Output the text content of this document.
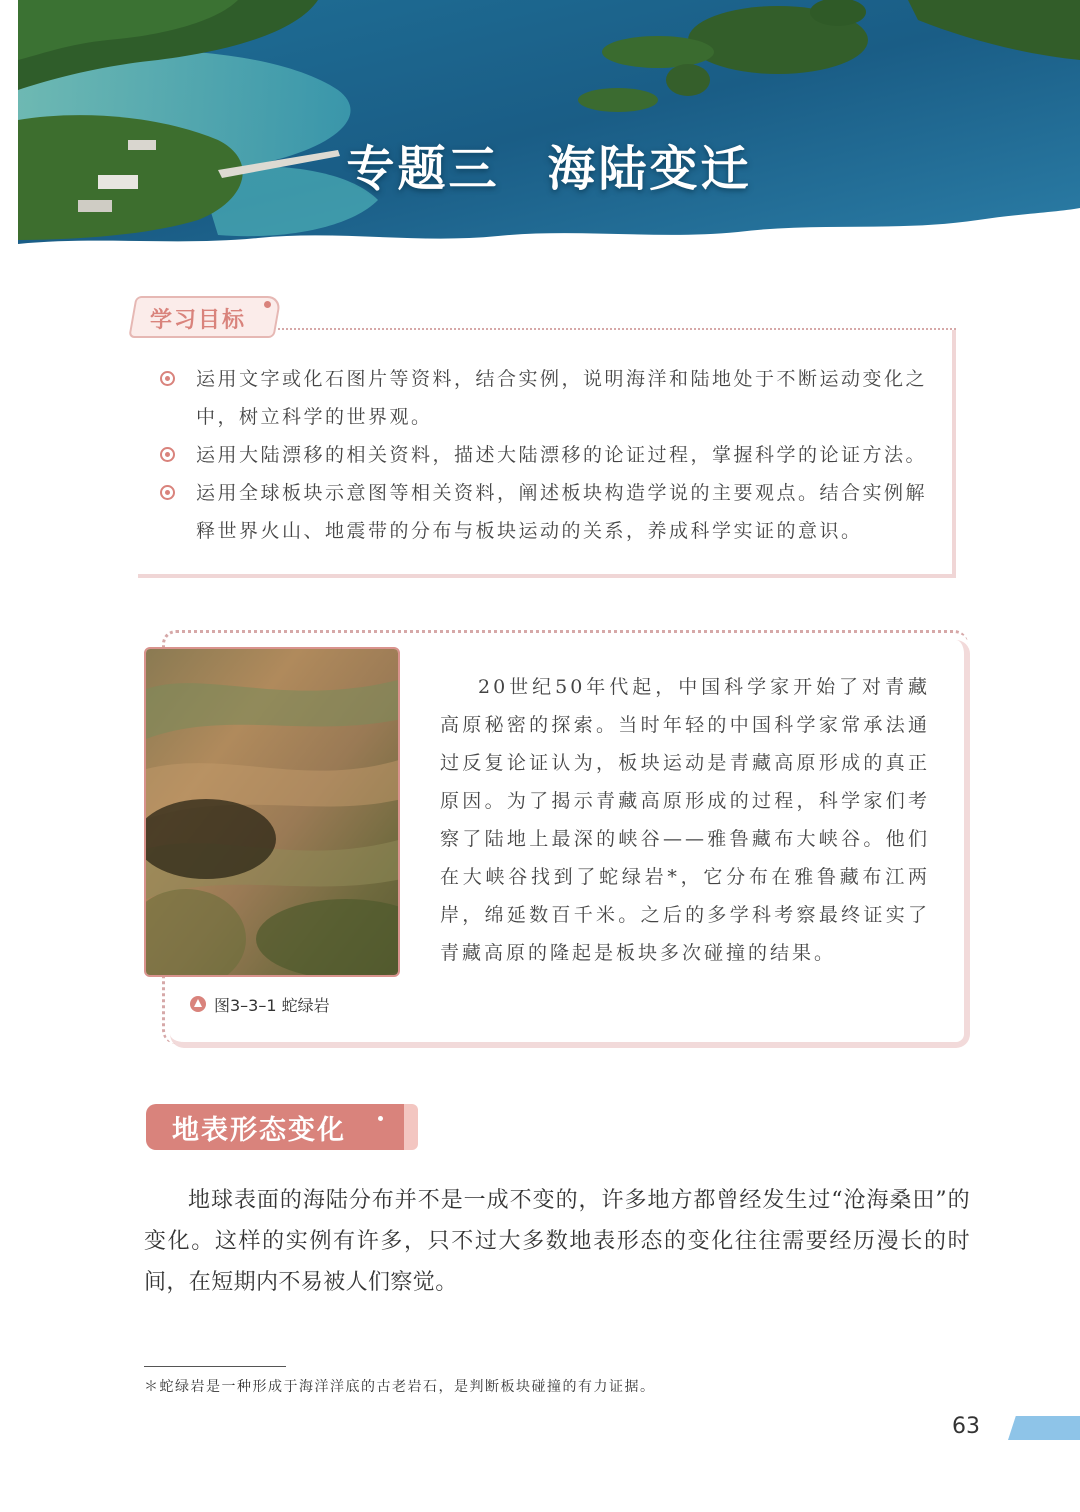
专题三 海陆变迁
学习目标
运用文字或化石图片等资料，结合实例，说明海洋和陆地处于不断运动变化之中，树立科学的世界观。
运用大陆漂移的相关资料，描述大陆漂移的论证过程，掌握科学的论证方法。
运用全球板块示意图等相关资料，阐述板块构造学说的主要观点。结合实例解释世界火山、地震带的分布与板块运动的关系，养成科学实证的意识。
图3–3–1 蛇绿岩
20世纪50年代起，中国科学家开始了对青藏高原秘密的探索。当时年轻的中国科学家常承法通过反复论证认为，板块运动是青藏高原形成的真正原因。为了揭示青藏高原形成的过程，科学家们考察了陆地上最深的峡谷——雅鲁藏布大峡谷。他们在大峡谷找到了蛇绿岩*，它分布在雅鲁藏布江两岸，绵延数百千米。之后的多学科考察最终证实了青藏高原的隆起是板块多次碰撞的结果。
地表形态变化
地球表面的海陆分布并不是一成不变的，许多地方都曾经发生过“沧海桑田”的变化。这样的实例有许多，只不过大多数地表形态的变化往往需要经历漫长的时间，在短期内不易被人们察觉。
＊蛇绿岩是一种形成于海洋洋底的古老岩石，是判断板块碰撞的有力证据。
63
